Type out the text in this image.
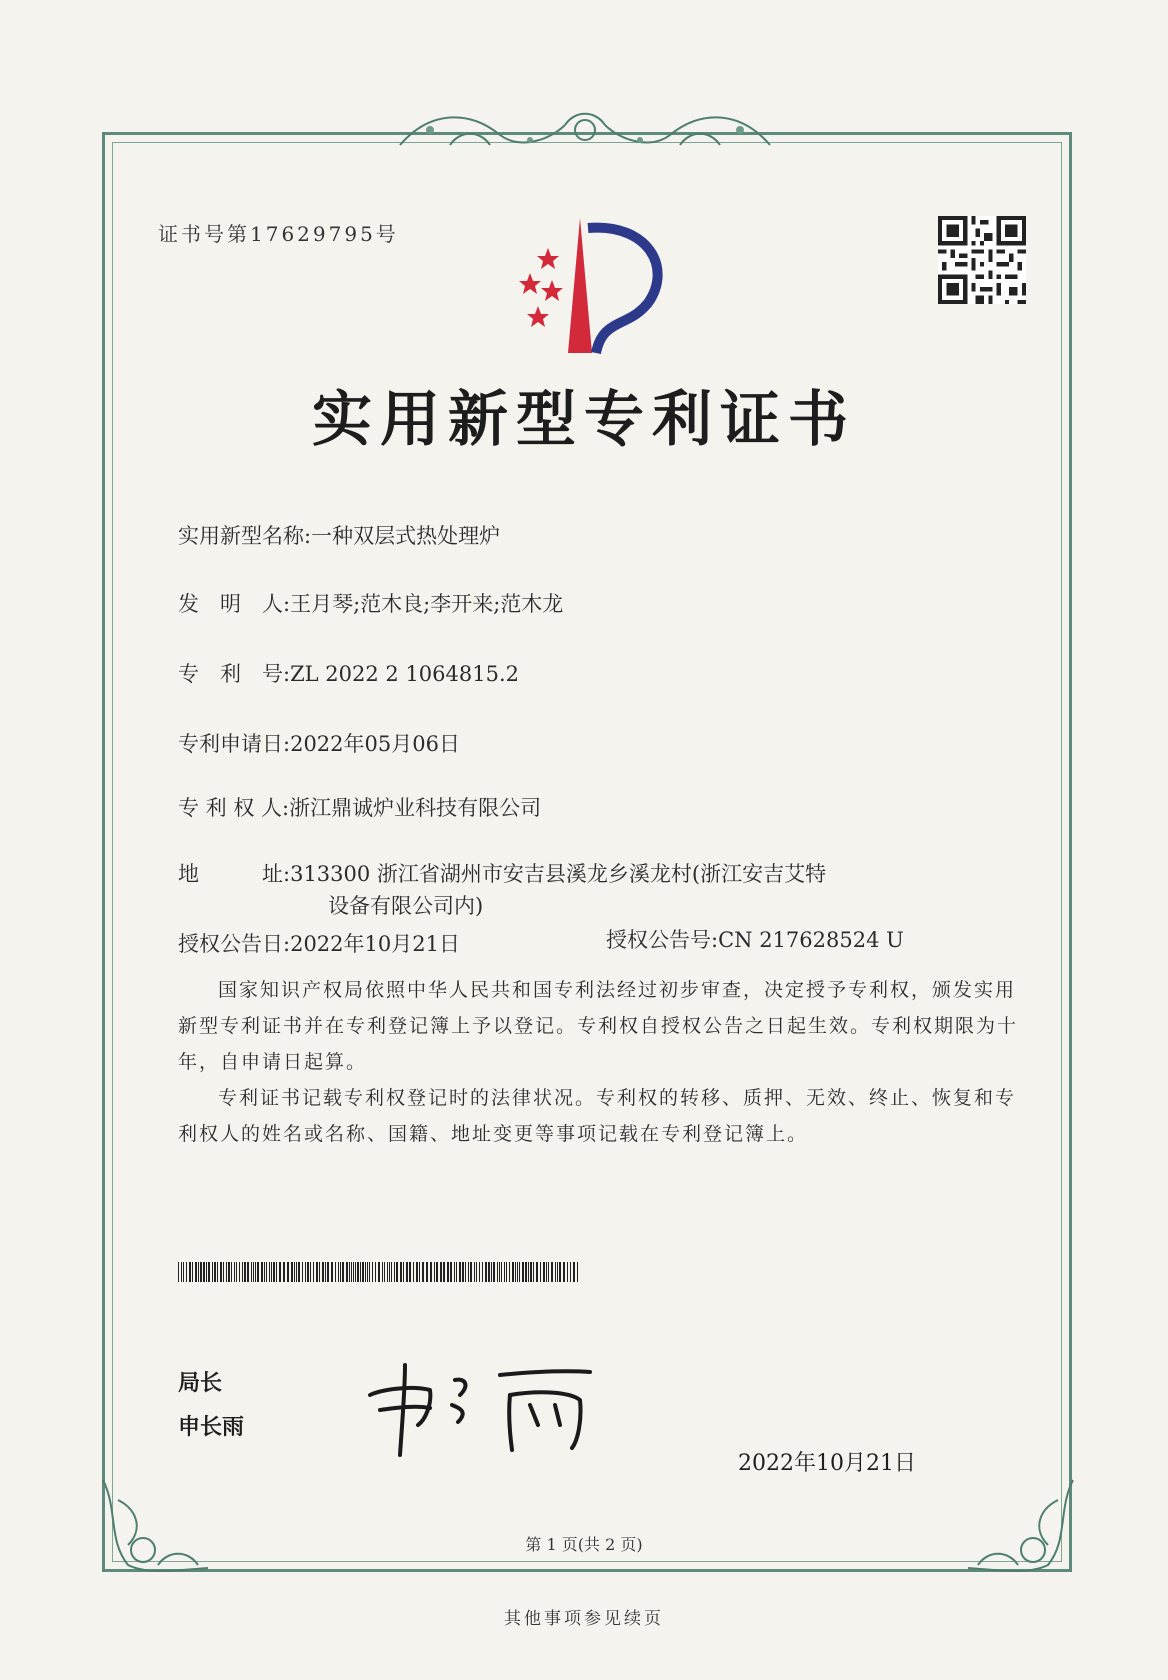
证书号第17629795号
实用新型专利证书
实用新型名称:一种双层式热处理炉
发　明　人:王月琴;范木良;李开来;范木龙
专　利　号:ZL 2022 2 1064815.2
专利申请日:2022年05月06日
专 利 权 人:浙江鼎诚炉业科技有限公司
地　　　址:313300 浙江省湖州市安吉县溪龙乡溪龙村(浙江安吉艾特
设备有限公司内)
授权公告日:2022年10月21日	授权公告号:CN 217628524 U

国家知识产权局依照中华人民共和国专利法经过初步审查，决定授予专利权，颁发实用新型专利证书并在专利登记簿上予以登记。专利权自授权公告之日起生效。专利权期限为十年，自申请日起算。

专利证书记载专利权登记时的法律状况。专利权的转移、质押、无效、终止、恢复和专利权人的姓名或名称、国籍、地址变更等事项记载在专利登记簿上。

局长
申长雨
2022年10月21日
第 1 页(共 2 页)
其他事项参见续页
